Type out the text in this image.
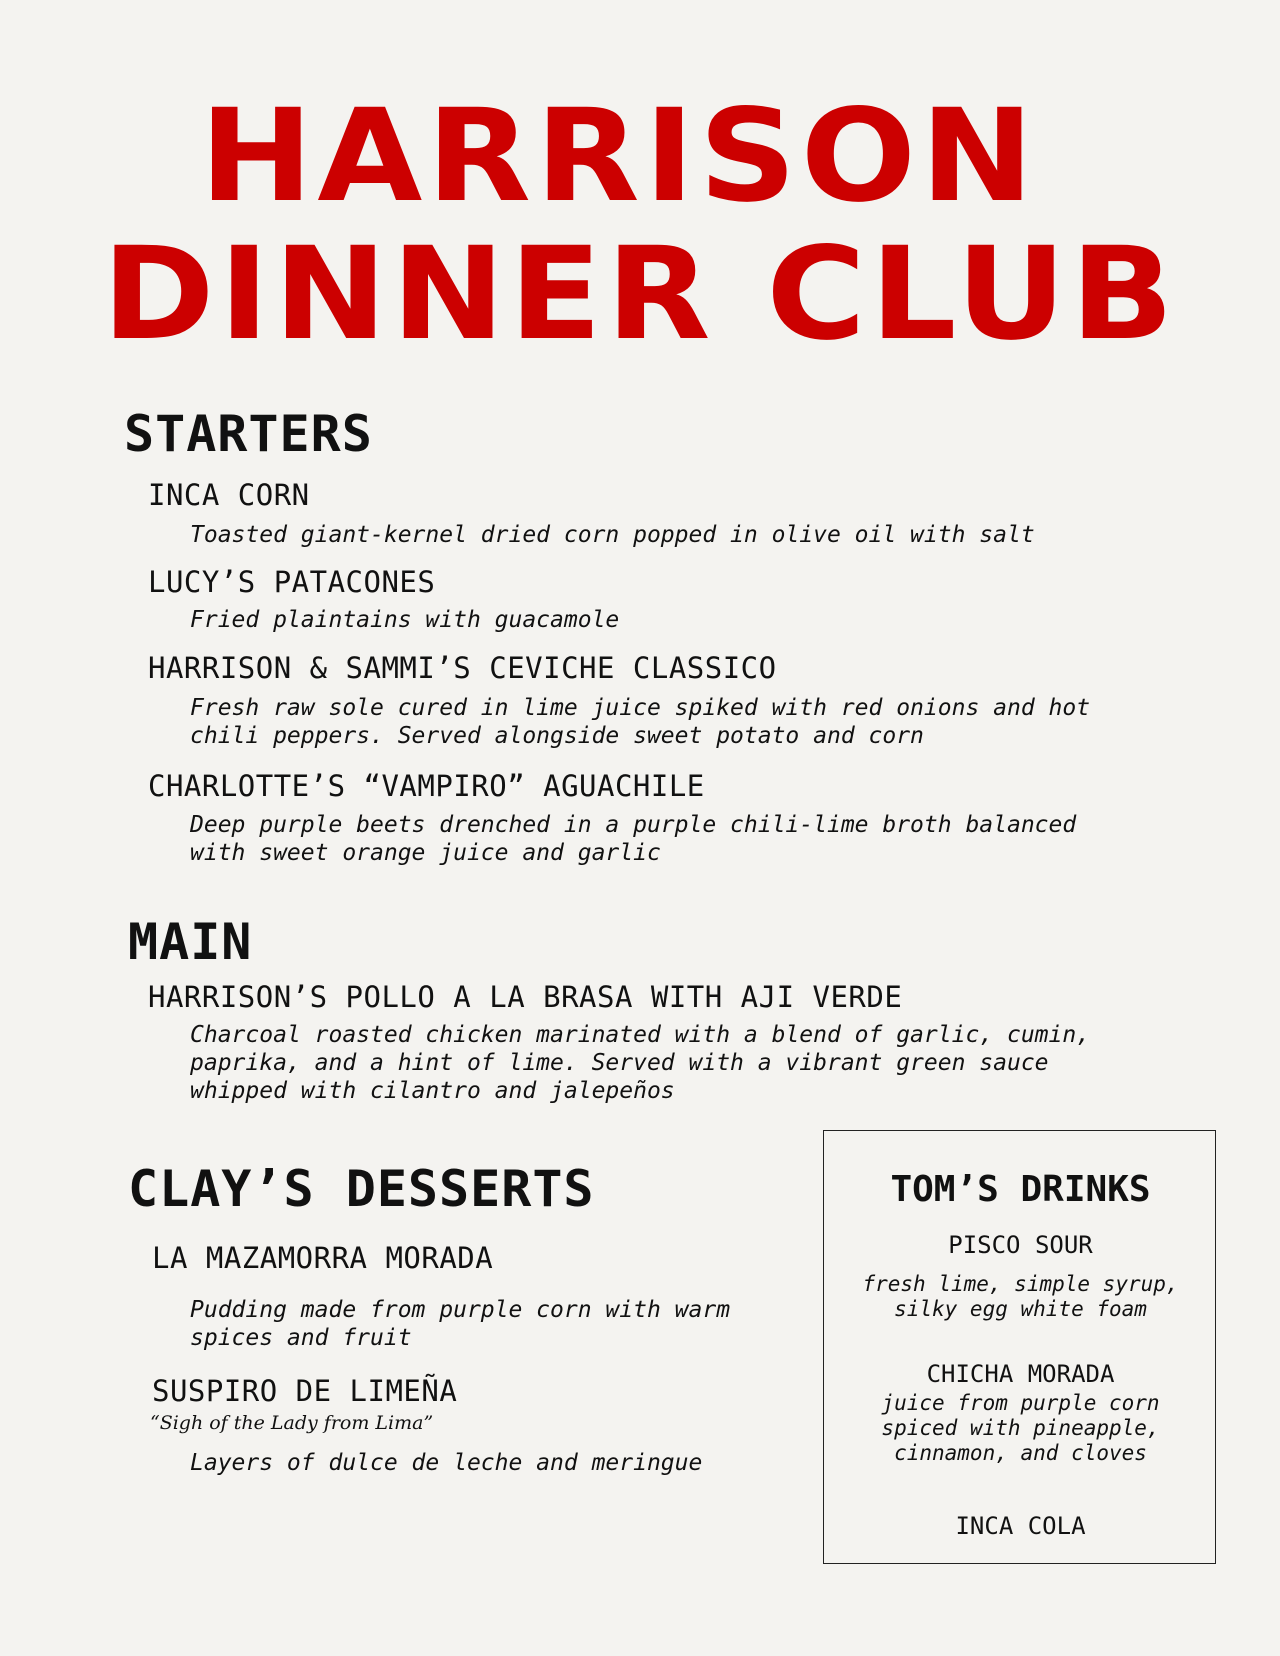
HARRISON
DINNER CLUB
STARTERS
INCA CORN
Toasted giant-kernel dried corn popped in olive oil with salt
LUCY’S PATACONES
Fried plaintains with guacamole
HARRISON & SAMMI’S CEVICHE CLASSICO
Fresh raw sole cured in lime juice spiked with red onions and hot
chili peppers. Served alongside sweet potato and corn
CHARLOTTE’S “VAMPIRO” AGUACHILE
Deep purple beets drenched in a purple chili-lime broth balanced
with sweet orange juice and garlic
MAIN
HARRISON’S POLLO A LA BRASA WITH AJI VERDE
Charcoal roasted chicken marinated with a blend of garlic, cumin,
paprika, and a hint of lime. Served with a vibrant green sauce
whipped with cilantro and jalepeños
CLAY’S DESSERTS
LA MAZAMORRA MORADA
Pudding made from purple corn with warm
spices and fruit
SUSPIRO DE LIMEÑA
“Sigh of the Lady from Lima”
Layers of dulce de leche and meringue
TOM’S DRINKS
PISCO SOUR
fresh lime, simple syrup,
silky egg white foam
CHICHA MORADA
juice from purple corn
spiced with pineapple,
cinnamon, and cloves
INCA COLA
